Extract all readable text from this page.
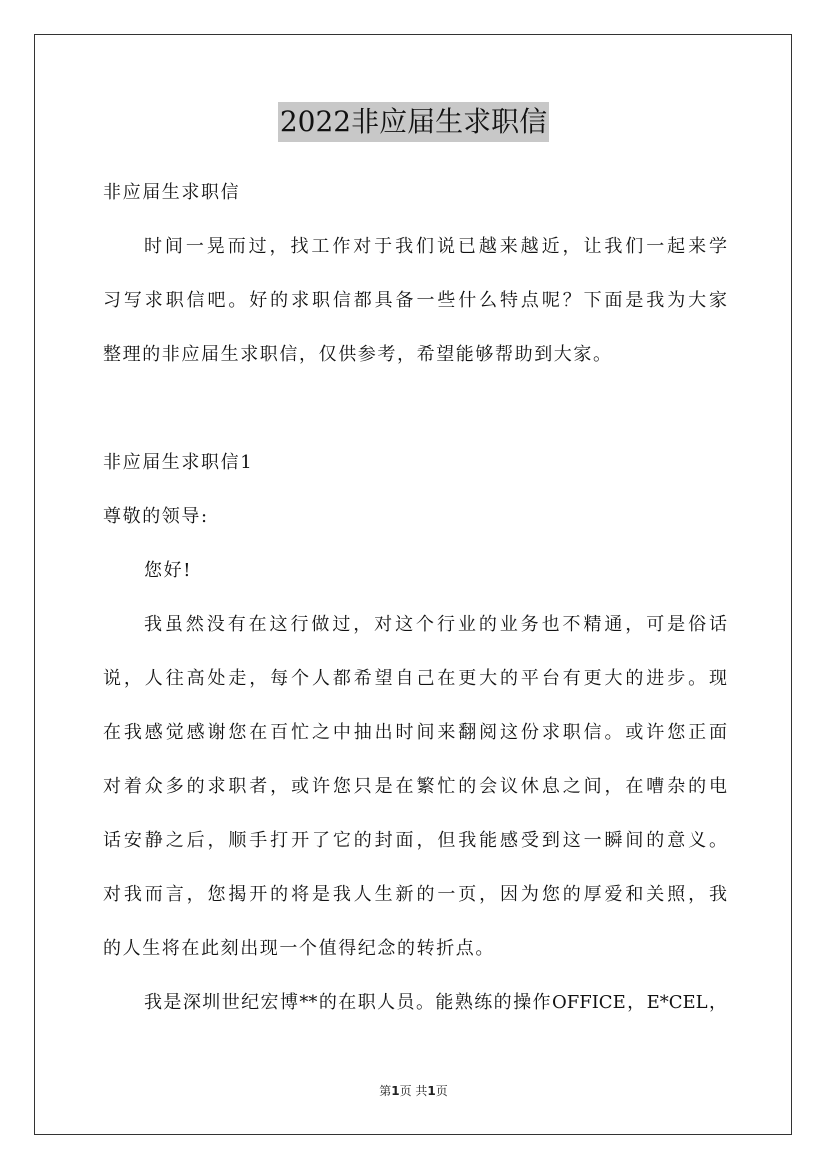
2022非应届生求职信
非应届生求职信
时间一晃而过，找工作对于我们说已越来越近，让我们一起来学
习写求职信吧。好的求职信都具备一些什么特点呢？下面是我为大家
整理的非应届生求职信，仅供参考，希望能够帮助到大家。
非应届生求职信1
尊敬的领导:
您好!
我虽然没有在这行做过，对这个行业的业务也不精通，可是俗话
说，人往高处走，每个人都希望自己在更大的平台有更大的进步。现
在我感觉感谢您在百忙之中抽出时间来翻阅这份求职信。或许您正面
对着众多的求职者，或许您只是在繁忙的会议休息之间，在嘈杂的电
话安静之后，顺手打开了它的封面，但我能感受到这一瞬间的意义。
对我而言，您揭开的将是我人生新的一页，因为您的厚爱和关照，我
的人生将在此刻出现一个值得纪念的转折点。
我是深圳世纪宏博**的在职人员。能熟练的操作OFFICE，E*CEL，
第1页 共1页
